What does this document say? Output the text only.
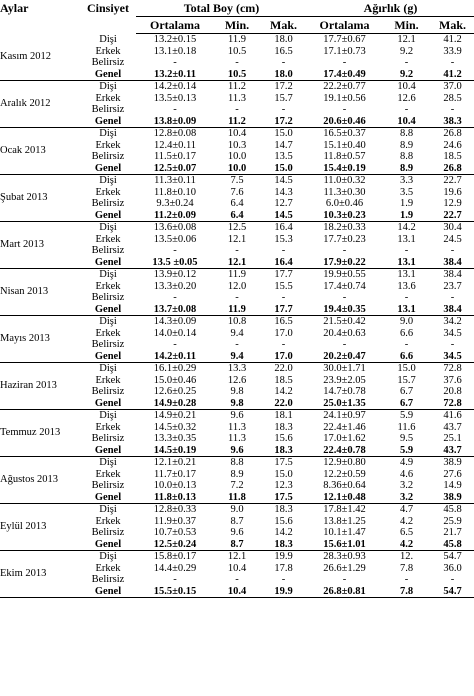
Aylar	Cinsiyet	Total Boy (cm)			Ağırlık (g)		
		Ortalama	Min.	Mak.	Ortalama	Min.	Mak.
Kasım 2012	Dişi	13.2±0.15	11.9	18.0	17.7±0.67	12.1	41.2
	Erkek	13.1±0.18	10.5	16.5	17.1±0.73	9.2	33.9
	Belirsiz	-	-	-	-	-	-
	Genel	13.2±0.11	10.5	18.0	17.4±0.49	9.2	41.2
Aralık 2012	Dişi	14.2±0.14	11.2	17.2	22.2±0.77	10.4	37.0
	Erkek	13.5±0.13	11.3	15.7	19.1±0.56	12.6	28.5
	Belirsiz	-	-	-	-	-	-
	Genel	13.8±0.09	11.2	17.2	20.6±0.46	10.4	38.3
Ocak 2013	Dişi	12.8±0.08	10.4	15.0	16.5±0.37	8.8	26.8
	Erkek	12.4±0.11	10.3	14.7	15.1±0.40	8.9	24.6
	Belirsiz	11.5±0.17	10.0	13.5	11.8±0.57	8.8	18.5
	Genel	12.5±0.07	10.0	15.0	15.4±0.19	8.9	26.8
Şubat 2013	Dişi	11.3±0.11	7.5	14.5	11.0±0.32	3.3	22.7
	Erkek	11.8±0.10	7.6	14.3	11.3±0.30	3.5	19.6
	Belirsiz	9.3±0.24	6.4	12.7	6.0±0.46	1.9	12.9
	Genel	11.2±0.09	6.4	14.5	10.3±0.23	1.9	22.7
Mart 2013	Dişi	13.6±0.08	12.5	16.4	18.2±0.33	14.2	30.4
	Erkek	13.5±0.06	12.1	15.3	17.7±0.23	13.1	24.5
	Belirsiz	-	-	-	-	-	-
	Genel	13.5 ±0.05	12.1	16.4	17.9±0.22	13.1	38.4
Nisan 2013	Dişi	13.9±0.12	11.9	17.7	19.9±0.55	13.1	38.4
	Erkek	13.3±0.20	12.0	15.5	17.4±0.74	13.6	23.7
	Belirsiz	-	-	-	-	-	-
	Genel	13.7±0.08	11.9	17.7	19.4±0.35	13.1	38.4
Mayıs 2013	Dişi	14.3±0.09	10.8	16.5	21.5±0.42	9.0	34.2
	Erkek	14.0±0.14	9.4	17.0	20.4±0.63	6.6	34.5
	Belirsiz	-	-	-	-	-	-
	Genel	14.2±0.11	9.4	17.0	20.2±0.47	6.6	34.5
Haziran 2013	Dişi	16.1±0.29	13.3	22.0	30.0±1.71	15.0	72.8
	Erkek	15.0±0.46	12.6	18.5	23.9±2.05	15.7	37.6
	Belirsiz	12.6±0.25	9.8	14.2	14.7±0.78	6.7	20.8
	Genel	14.9±0.28	9.8	22.0	25.0±1.35	6.7	72.8
Temmuz 2013	Dişi	14.9±0.21	9.6	18.1	24.1±0.97	5.9	41.6
	Erkek	14.5±0.32	11.3	18.3	22.4±1.46	11.6	43.7
	Belirsiz	13.3±0.35	11.3	15.6	17.0±1.62	9.5	25.1
	Genel	14.5±0.19	9.6	18.3	22.4±0.78	5.9	43.7
Ağustos 2013	Dişi	12.1±0.21	8.8	17.5	12.9±0.80	4.9	38.9
	Erkek	11.7±0.17	8.9	15.0	12.2±0.59	4.6	27.6
	Belirsiz	10.0±0.13	7.2	12.3	8.36±0.64	3.2	14.9
	Genel	11.8±0.13	11.8	17.5	12.1±0.48	3.2	38.9
Eylül 2013	Dişi	12.8±0.33	9.0	18.3	17.8±1.42	4.7	45.8
	Erkek	11.9±0.37	8.7	15.6	13.8±1.25	4.2	25.9
	Belirsiz	10.7±0.53	9.6	14.2	10.1±1.47	6.5	21.7
	Genel	12.5±0.24	8.7	18.3	15.6±1.01	4.2	45.8
Ekim 2013	Dişi	15.8±0.17	12.1	19.9	28.3±0.93	12.	54.7
	Erkek	14.4±0.29	10.4	17.8	26.6±1.29	7.8	36.0
	Belirsiz	-	-	-	-	-	-
	Genel	15.5±0.15	10.4	19.9	26.8±0.81	7.8	54.7
